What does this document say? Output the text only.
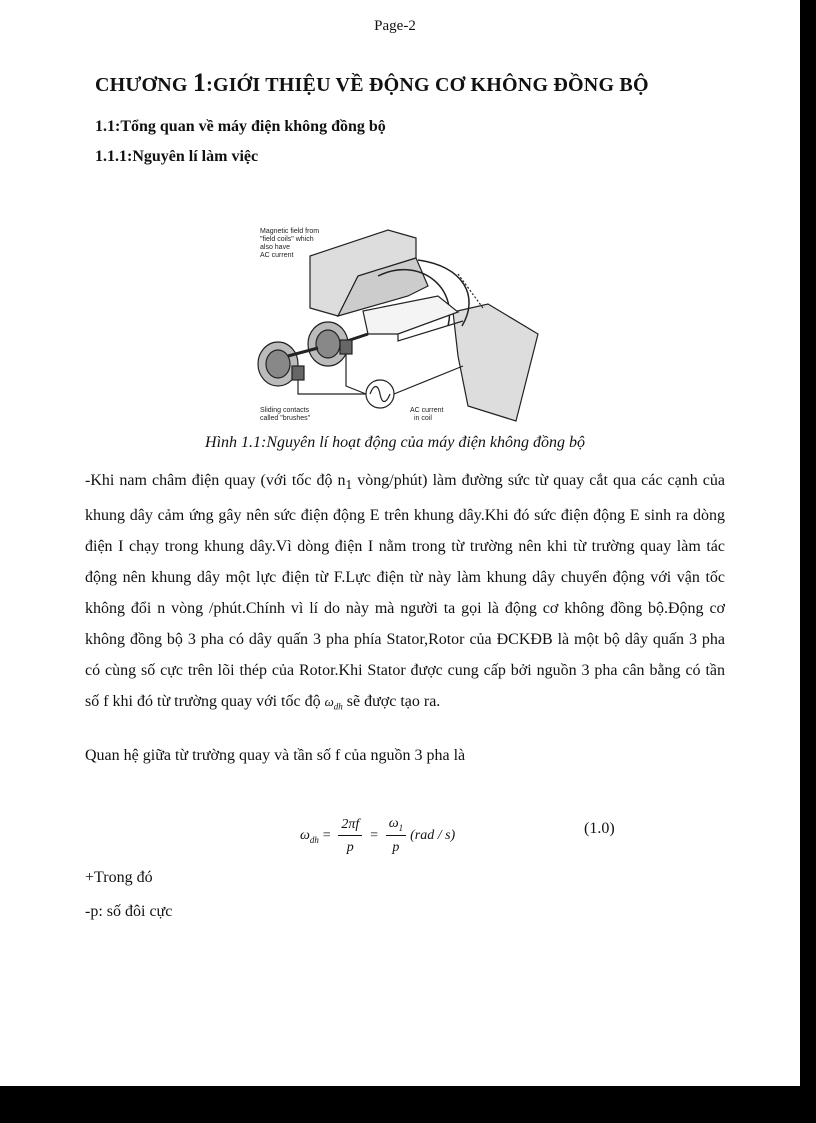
Page-2
CHƯƠNG 1:GIỚI THIỆU VỀ ĐỘNG CƠ KHÔNG ĐỒNG BỘ
1.1:Tổng quan về máy điện không đồng bộ
1.1.1:Nguyên lí làm việc
Magnetic field from
"field coils" which
also have
AC current
Sliding contacts
called "brushes"
AC current
in coil
Hình 1.1:Nguyên lí hoạt động của máy điện không đồng bộ

-Khi nam châm điện quay (với tốc độ $n_1$ vòng/phút) làm đường sức từ quay cắt qua các cạnh của khung dây cảm ứng gây nên sức điện động E trên khung dây.Khi đó sức điện động E sinh ra dòng điện I chạy trong khung dây.Vì dòng điện I nằm trong từ trường nên khi từ trường quay làm tác động nên khung dây một lực điện từ F.Lực điện từ này làm khung dây chuyển động với vận tốc không đổi n vòng /phút.Chính vì lí do này mà người ta gọi là động cơ không đồng bộ.Động cơ không đồng bộ 3 pha có dây quấn 3 pha phía Stator,Rotor của ĐCKĐB là một bộ dây quấn 3 pha có cùng số cực trên lõi thép của Rotor.Khi Stator được cung cấp bởi nguồn 3 pha cân bằng có tần số f khi đó từ trường quay với tốc độ $\omega_{dh}$ sẽ được tạo ra.

Quan hệ giữa từ trường quay và tần số f của nguồn 3 pha là

$\omega_{dh} = \frac{2\pi f}{p} = \frac{\omega_1}{p} (rad / s)$	(1.0)

+Trong đó

-p: số đôi cực
